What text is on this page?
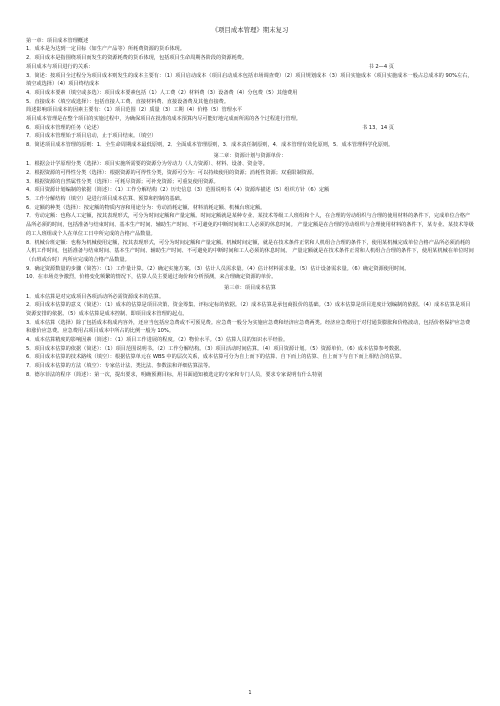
《项目成本管理》期末复习
第一章：项目成本管理概述
1．成本是为达到一定目标（如生产产品等）所耗费资源的货币体现。
2．项目成本是指围绕项目而发生的资源耗费的货币体现，包括项目生命周期各阶段的资源耗费。
项目成本与项目进行的关系：	书 2—4 页
3．简述：按项目全过程分为项目成本则发生的成本主要有：（1）项目启动成本（项目启动成本包括市场调查费）（2）项目规划成本（3）项目实施成本（项目实施成本一般占总成本的 90%左右，填空或选择）（4）项目终结成本
4．项目成本要素（填空或多选）：项目成本要素包括（1）人工费（2）材料费（3）设备费（4）分包费（5）其他费用
5．直接成本（填空或选择）：包括直接人工费、直接材料费、直接设备费及其他直接费。
简述影响项目成本的因素主要有：（1）项目范围（2）质量（3）工期（4）价格（5）管理水平
项目成本管理是在整个项目的实施过程中，为确保项目在批准的成本预算内尽可能好地完成而所需的各个过程进行管理。
6．项目成本管理的任务（论述）	书 13、14 页
7．项目成本管理始于项目启动，止于项目结束。（填空）
8．简述项目成本管理的原则：1．全生命周期成本最低原则，2．全面成本管理原则，3．成本责任制原则，4．成本管理有效化原则，5．成本管理科学化原则。
第二章：资源计划与资源单价：
1．根据会计学原理分类（选择）：项目实施所需要的资源分为劳动力（人力资源）、材料、设备、资金等。
2．根据资源的可得性分类（选择）：根据资源的可得性分类，资源可分为：可以持续使用的资源；消耗性资源；双重限制资源。
3．根据资源的自然属性分类（选择）：可耗尽资源；可补充资源；可重复使用资源。
4．项目资源计划编制的依据（简述）：（1）工作分解结构（2）历史信息（3）范围说明书（4）资源库描述（5）组织方针（6）定额
5．工作分解结构（填空）是进行项目成本估算、预算和控制的基础。
6．定额的种类（选择）：按定额的物质内容和用途分为：劳动消耗定额、材料消耗定额、机械台班定额。
7．劳动定额：也称人工定额，按其表现形式，可分为时间定额和产量定额。时间定额就是某种专业、某技术等级工人班组和个人，在合理的劳动组织与合理的使用材料的条件下，完成单位合格产品所必须的时间，包括准备与结束时间、基本生产时间、辅助生产时间、不可避免的中断时间和工人必须的休息时间。 产量定额是在合理的劳动组织与合理使用材料的条件下，某专业、某技术等级的工人班组或个人在单位工日中所完成的合格产品数量。
8．机械台班定额：也称为机械使用定额，按其表现形式，可分为时间定额和产量定额。机械时间定额，就是在技术条件正常和人机组合合理的条件下，使用某机械完成单位合格产品所必须消耗的人机工作时间，包括准备与结束时间、基本生产时间、辅助生产时间、不可避免的中断时间和工人必须的休息时间。 产量定额就是在技术条件正常和人机组合合理的条件下，使用某机械在单位时间（台班或台时）内所应完成的合格产品数量。
9．确定资源数量的步骤（简答）：（1）工作量计算。（2）确定实施方案。（3）估计人员需求量。（4）估计材料需求量。（5）估计设备需求量。（6）确定资源使用时间。
10．在市场竞争激烈，价格变化频繁的情况下，估算人员主要通过询价和分析预测，来合理确定资源的单价。
第三章：项目成本估算
1．成本估算是对完成项目各项活动所必需资源成本的估算。
2．项目成本估算的意义（简述）：（1）成本的估算是项目决策、资金筹集、评标定标的依据。（2）成本估算是承包商报价的基础。（3）成本估算是项目进度计划编制的依据。（4）成本估算是项目资源安排的依据。（5）成本估算是成本控制、即项目成本管理的起点。
3．成本估算（选择）除了包括成本构成内容外，还应当包括应急费或不可预见费。应急费一般分为实施应急费和经济应急费两类。经济应急费用于对付通货膨胀和价格波动，包括价格保护应急费和涨价应急费。应急费用占项目成本中所占的比例一般为 10%。
4．成本估算精度的影响因素（简述）：（1）项目工作进展的程度。（2）物价水平。（3）估算人员的知识水平经验。
5．项目成本估算的依据（简述）：（1）项目范围说明书。（2）工作分解结构。（3）项目活动时间估算。（4）项目资源计划。（5）资源单价。（6）成本估算参考数据。
6．项目成本估算的技术路线（填空）：根据估算单元在 WBS 中的层次关系，成本估算可分为自上而下的估算、自下而上的估算、自上而下与自下而上相结合的估算。
7．项目成本估算的方法（填空）：专家估计法、类比法、参数法和详细估算法等。
8．德尔菲法的程序（简述）：第一次，提出要求，明确预测目标，用书面通知被选定的专家和专门人员，要求专家说明有什么特别
1
